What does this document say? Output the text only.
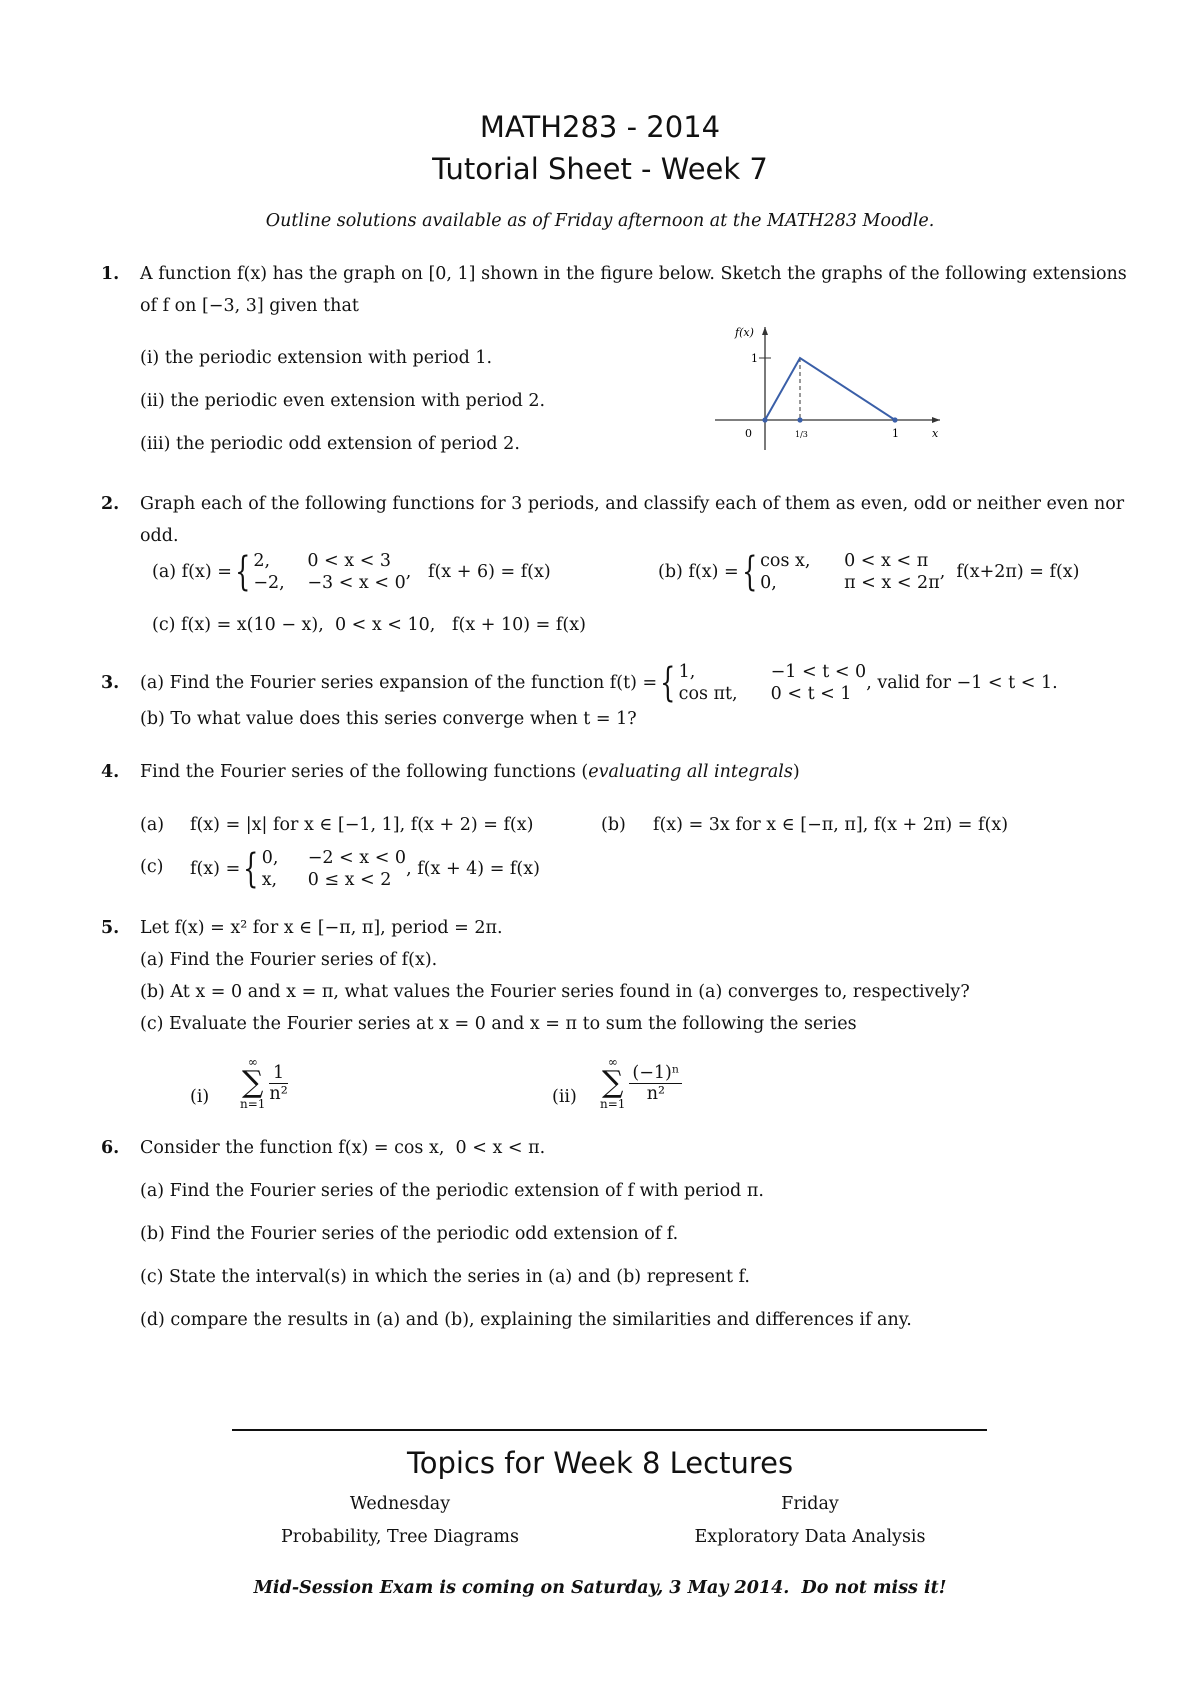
MATH283 - 2014
Tutorial Sheet - Week 7
Outline solutions available as of Friday afternoon at the MATH283 Moodle.
1. A function f(x) has the graph on [0, 1] shown in the figure below. Sketch the graphs of the following extensions
of f on [−3, 3] given that
(i) the periodic extension with period 1.
(ii) the periodic even extension with period 2.
(iii) the periodic odd extension of period 2.
f(x)
1
0	1/3	1	x
2. Graph each of the following functions for 3 periods, and classify each of them as even, odd or neither even nor
odd.
(a) f(x) = { 2,	0 < x < 3
−2, −3 < x < 0
,   f(x + 6) = f(x)	(b) f(x) = { cos x,	0 < x < π
0,	π < x < 2π
,  f(x+2π) = f(x)
(c) f(x) = x(10 − x),  0 < x < 10,   f(x + 10) = f(x)
3. (a) Find the Fourier series expansion of the function f(t) = { 1,	−1 < t < 0
cos πt,	0 < t < 1
, valid for −1 < t < 1.
(b) To what value does this series converge when t = 1?
4. Find the Fourier series of the following functions (evaluating all integrals)
(a) f(x) = |x| for x ∈ [−1, 1], f(x + 2) = f(x)	(b) f(x) = 3x for x ∈ [−π, π], f(x + 2π) = f(x)
(c) f(x) = { 0,	−2 < x < 0
x,	0 ≤ x < 2
, f(x + 4) = f(x)
5. Let f(x) = x² for x ∈ [−π, π], period = 2π.
(a) Find the Fourier series of f(x).
(b) At x = 0 and x = π, what values the Fourier series found in (a) converges to, respectively?
(c) Evaluate the Fourier series at x = 0 and x = π to sum the following the series
(i)
∞
∑
n=1
$\frac{1}{\text{n²}}$	(ii)
∞
∑
n=1
$\frac{\text{(−1)ⁿ}}{\text{n²}}$
6. Consider the function f(x) = cos x,  0 < x < π.
(a) Find the Fourier series of the periodic extension of f with period π.
(b) Find the Fourier series of the periodic odd extension of f.
(c) State the interval(s) in which the series in (a) and (b) represent f.
(d) compare the results in (a) and (b), explaining the similarities and differences if any.
Topics for Week 8 Lectures
Wednesday
Probability, Tree Diagrams
Friday
Exploratory Data Analysis
Mid-Session Exam is coming on Saturday, 3 May 2014.  Do not miss it!
